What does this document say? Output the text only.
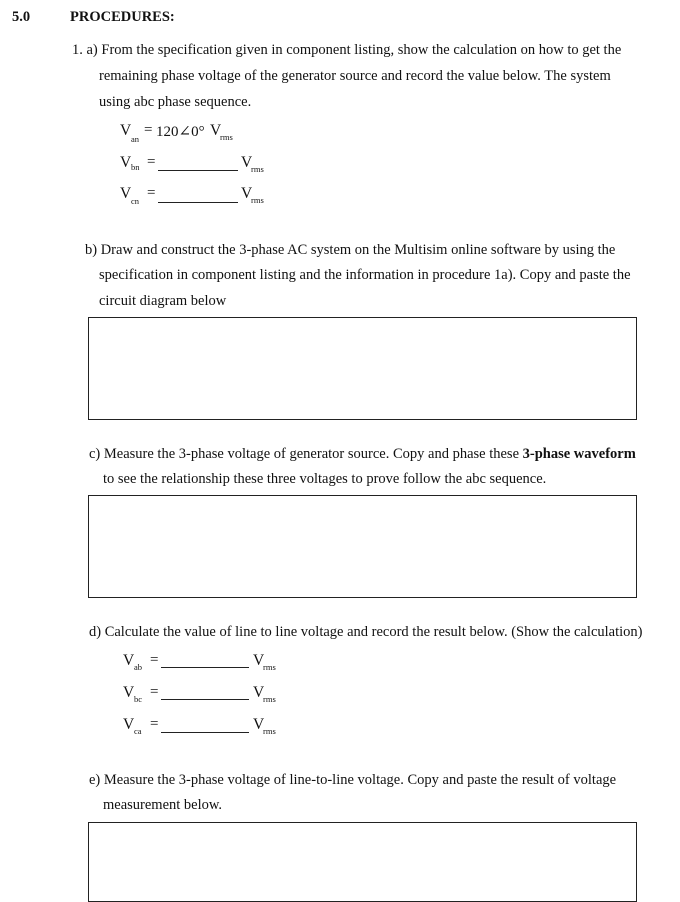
5.0	PROCEDURES:
1. a) From the specification given in component listing, show the calculation on how to get the
remaining phase voltage of the generator source and record the value below. The system
using abc phase sequence.
V an
= 120∠0° V
rms
V bn =	V
rms
V cn =	V
rms
b) Draw and construct the 3-phase AC system on the Multisim online software by using the
specification in component listing and the information in procedure 1a). Copy and paste the
circuit diagram below
c) Measure the 3-phase voltage of generator source. Copy and phase these 3-phase waveform
to see the relationship these three voltages to prove follow the abc sequence.
d) Calculate the value of line to line voltage and record the result below. (Show the calculation)
V ab =	V
rms
V bc =	V
rms
V ca =	V
rms
e) Measure the 3-phase voltage of line-to-line voltage. Copy and paste the result of voltage
measurement below.
